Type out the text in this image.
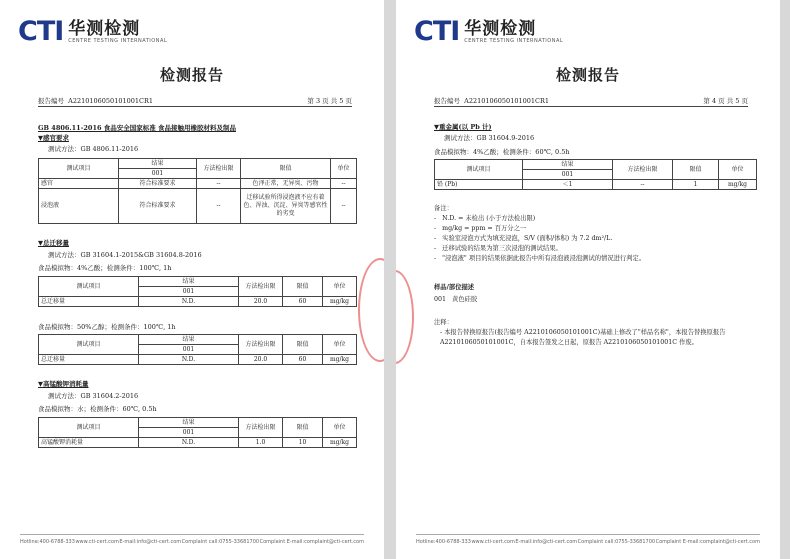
CTI 华测检测
CENTRE TESTING INTERNATIONAL
检测报告
报告编号 A2210106050101001CR1	第 3 页 共 5 页
GB 4806.11-2016 食品安全国家标准 食品接触用橡胶材料及制品
▼感官要求
测试方法：GB 4806.11-2016
测试项目	结果	方法检出限	限值	单位
	001			
感官	符合标准要求	--	色泽正常，无异臭、污物	--
浸泡液	符合标准要求	--	迁移试验所得浸泡液不应有着色、浑浊、沉淀、异臭等感官性的劣变	--
▼总迁移量
测试方法：GB 31604.1-2015&GB 31604.8-2016
食品模拟物：4%乙酸；检测条件：100℃, 1h
测试项目	结果	方法检出限	限值	单位
	001			
总迁移量	N.D.	20.0	60	mg/kg
食品模拟物：50%乙醇；检测条件：100℃, 1h
测试项目	结果	方法检出限	限值	单位
	001			
总迁移量	N.D.	20.0	60	mg/kg
▼高锰酸钾消耗量
测试方法：GB 31604.2-2016
食品模拟物：水；检测条件：60℃, 0.5h
测试项目	结果	方法检出限	限值	单位
	001			
高锰酸钾消耗量	N.D.	1.0	10	mg/kg
Hotline:400-6788-333 www.cti-cert.com E-mail:info@cti-cert.com Complaint call:0755-33681700 Complaint E-mail:complaint@cti-cert.com
CTI 华测检测
CENTRE TESTING INTERNATIONAL
检测报告
报告编号 A2210106050101001CR1	第 4 页 共 5 页
▼重金属(以 Pb 计)
测试方法：GB 31604.9-2016
食品模拟物：4%乙酸；检测条件：60℃, 0.5h
测试项目	结果	方法检出限	限值	单位
	001			
铅 (Pb)	＜1	--	1	mg/kg
备注：
-   N.D. = 未检出 (小于方法检出限)
-   mg/kg = ppm = 百万分之一
-   实验室浸泡方式为填充浸泡，S/V (面积/体积) 为 7.2 dm²/L.
-   迁移试验的结果为第三次浸泡的测试结果。
-   "浸泡液" 项目的结果依据此报告中所有浸泡液浸泡测试的情况进行判定。
样品/部位描述
001 黄色硅胶
注释：
- 本报告替换原报告(报告编号 A2210106050101001C)基础上修改了"样品名称"，本报告替换原报告 A2210106050101001C，自本报告签发之日起，原报告 A2210106050101001C 作废。
Hotline:400-6788-333 www.cti-cert.com E-mail:info@cti-cert.com Complaint call:0755-33681700 Complaint E-mail:complaint@cti-cert.com
